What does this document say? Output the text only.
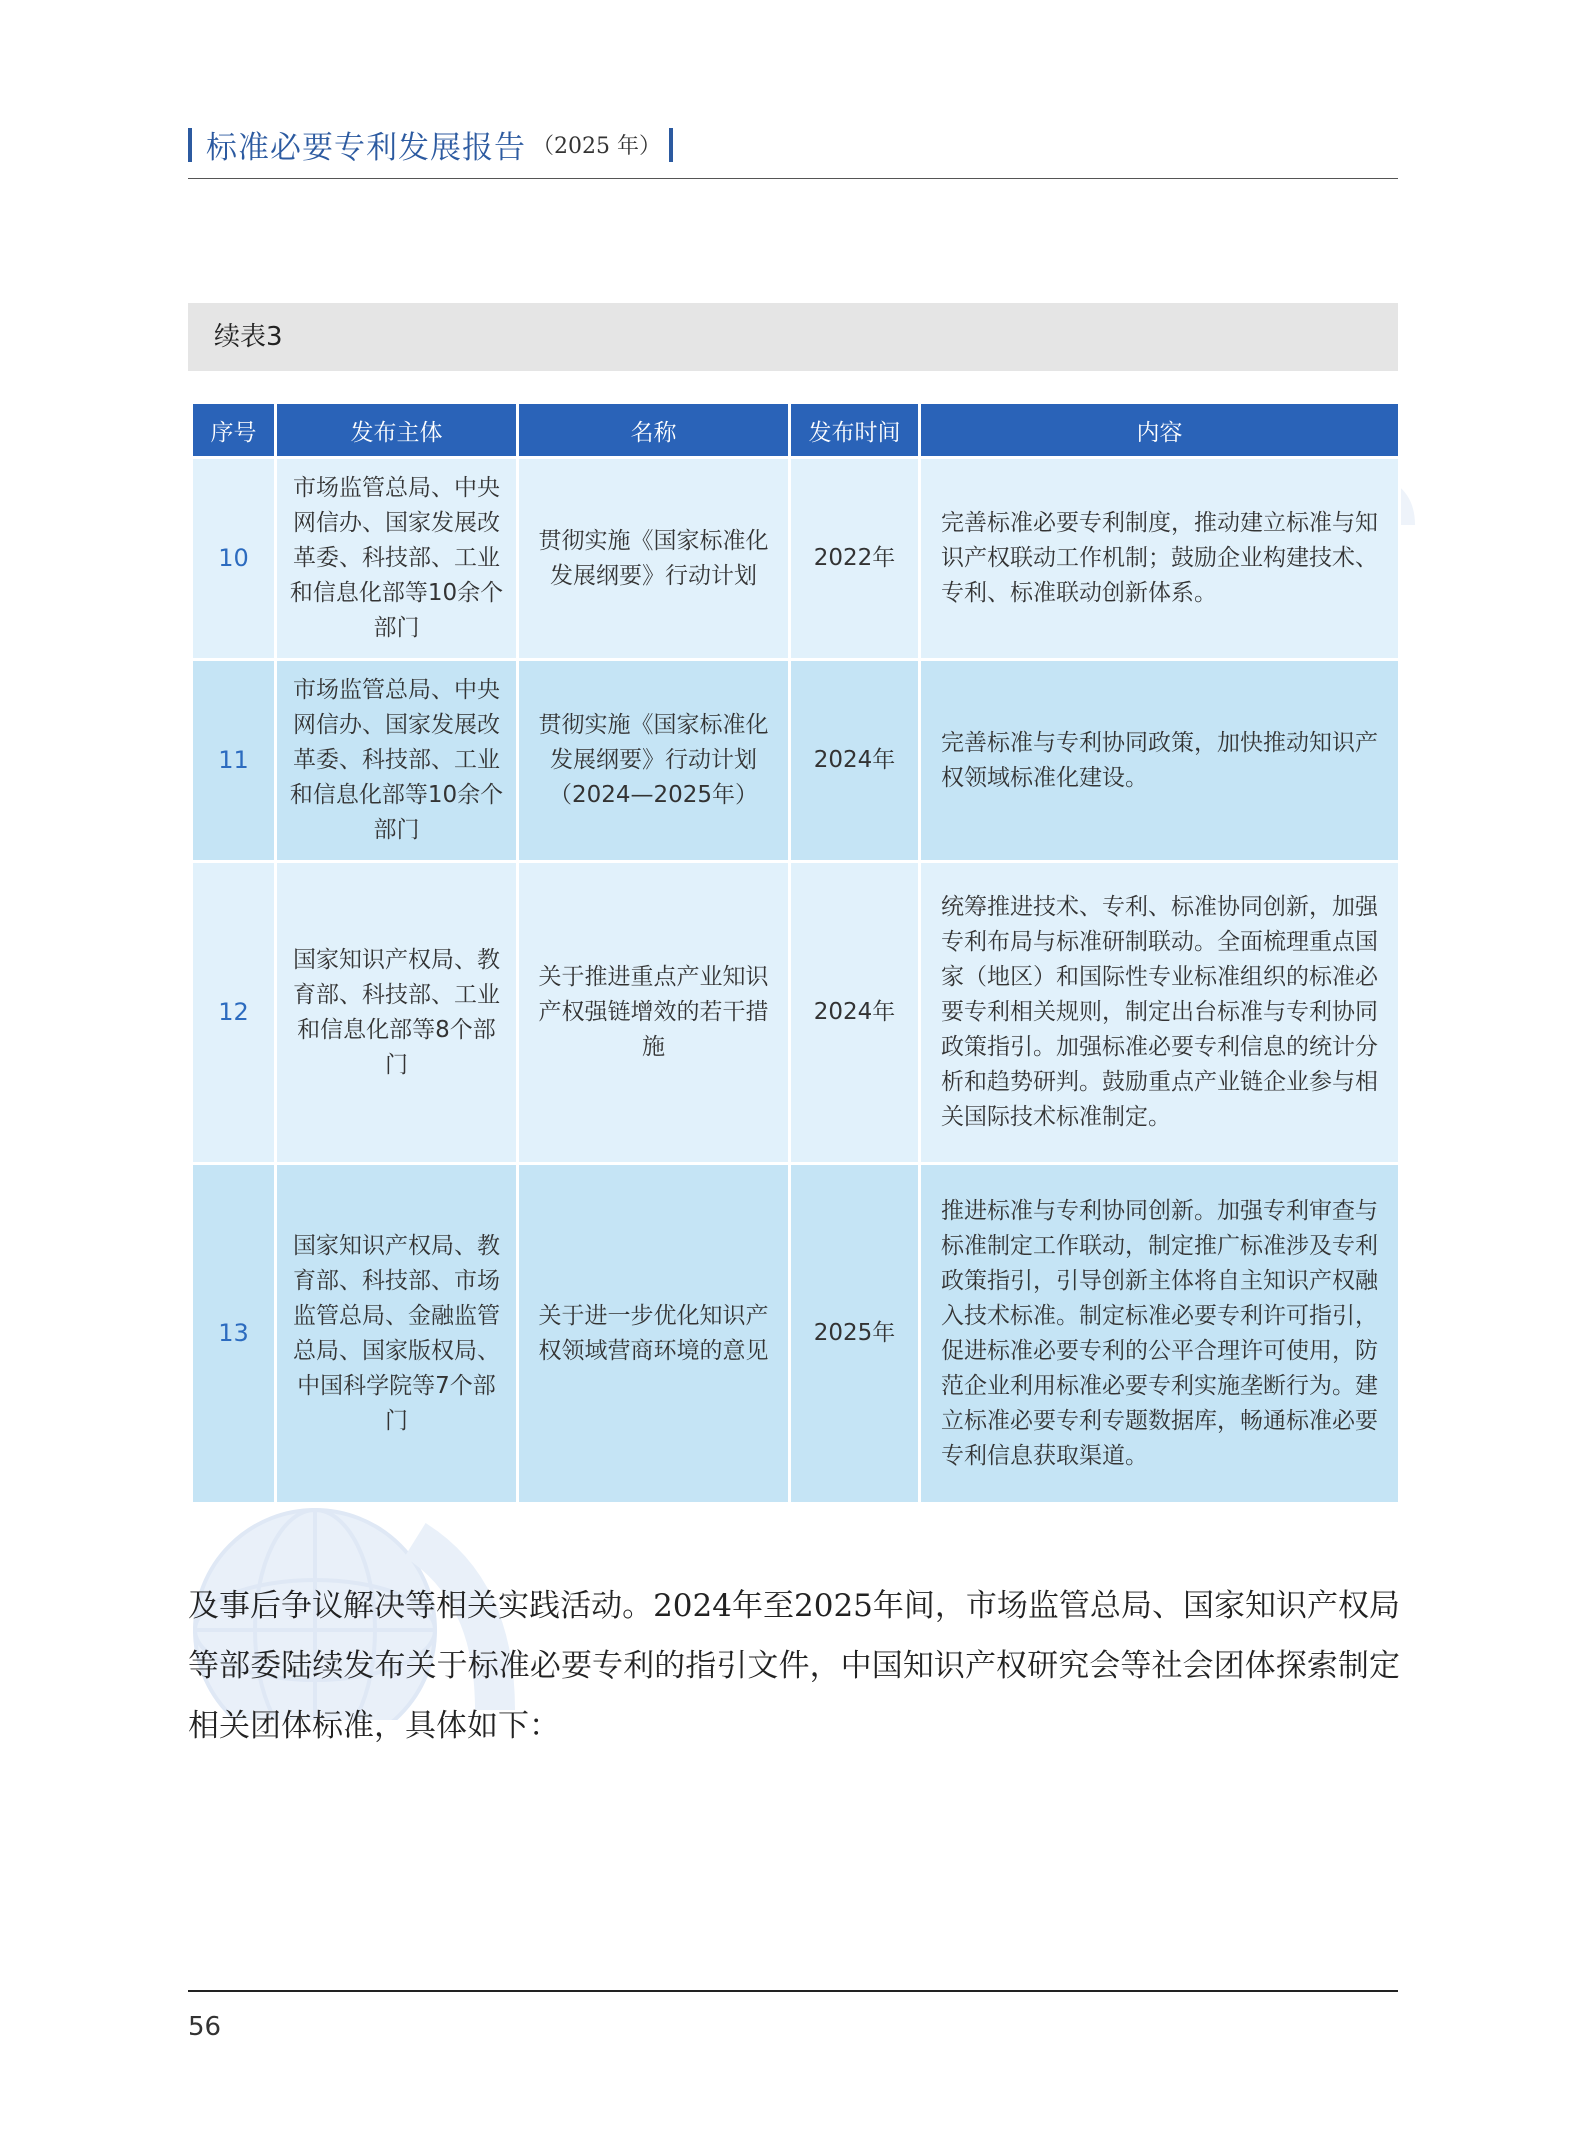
标准必要专利发展报告 （2025 年）
续表3
序号	发布主体	名称	发布时间	内容
10	市场监管总局、中央网信办、国家发展改革委、科技部、工业和信息化部等10余个部门	贯彻实施《国家标准化发展纲要》行动计划	2022年	完善标准必要专利制度，推动建立标准与知识产权联动工作机制；鼓励企业构建技术、专利、标准联动创新体系。
11	市场监管总局、中央网信办、国家发展改革委、科技部、工业和信息化部等10余个部门	贯彻实施《国家标准化发展纲要》行动计划（2024—2025年）	2024年	完善标准与专利协同政策，加快推动知识产权领域标准化建设。
12	国家知识产权局、教育部、科技部、工业和信息化部等8个部门	关于推进重点产业知识产权强链增效的若干措施	2024年	统筹推进技术、专利、标准协同创新，加强专利布局与标准研制联动。全面梳理重点国家（地区）和国际性专业标准组织的标准必要专利相关规则，制定出台标准与专利协同政策指引。加强标准必要专利信息的统计分析和趋势研判。鼓励重点产业链企业参与相关国际技术标准制定。
13	国家知识产权局、教育部、科技部、市场监管总局、金融监管总局、国家版权局、中国科学院等7个部门	关于进一步优化知识产权领域营商环境的意见	2025年	推进标准与专利协同创新。加强专利审查与标准制定工作联动，制定推广标准涉及专利政策指引，引导创新主体将自主知识产权融入技术标准。制定标准必要专利许可指引，促进标准必要专利的公平合理许可使用，防范企业利用标准必要专利实施垄断行为。建立标准必要专利专题数据库，畅通标准必要专利信息获取渠道。

及事后争议解决等相关实践活动。2024年至2025年间，市场监管总局、国家知识产权局等部委陆续发布关于标准必要专利的指引文件，中国知识产权研究会等社会团体探索制定相关团体标准，具体如下：

56
